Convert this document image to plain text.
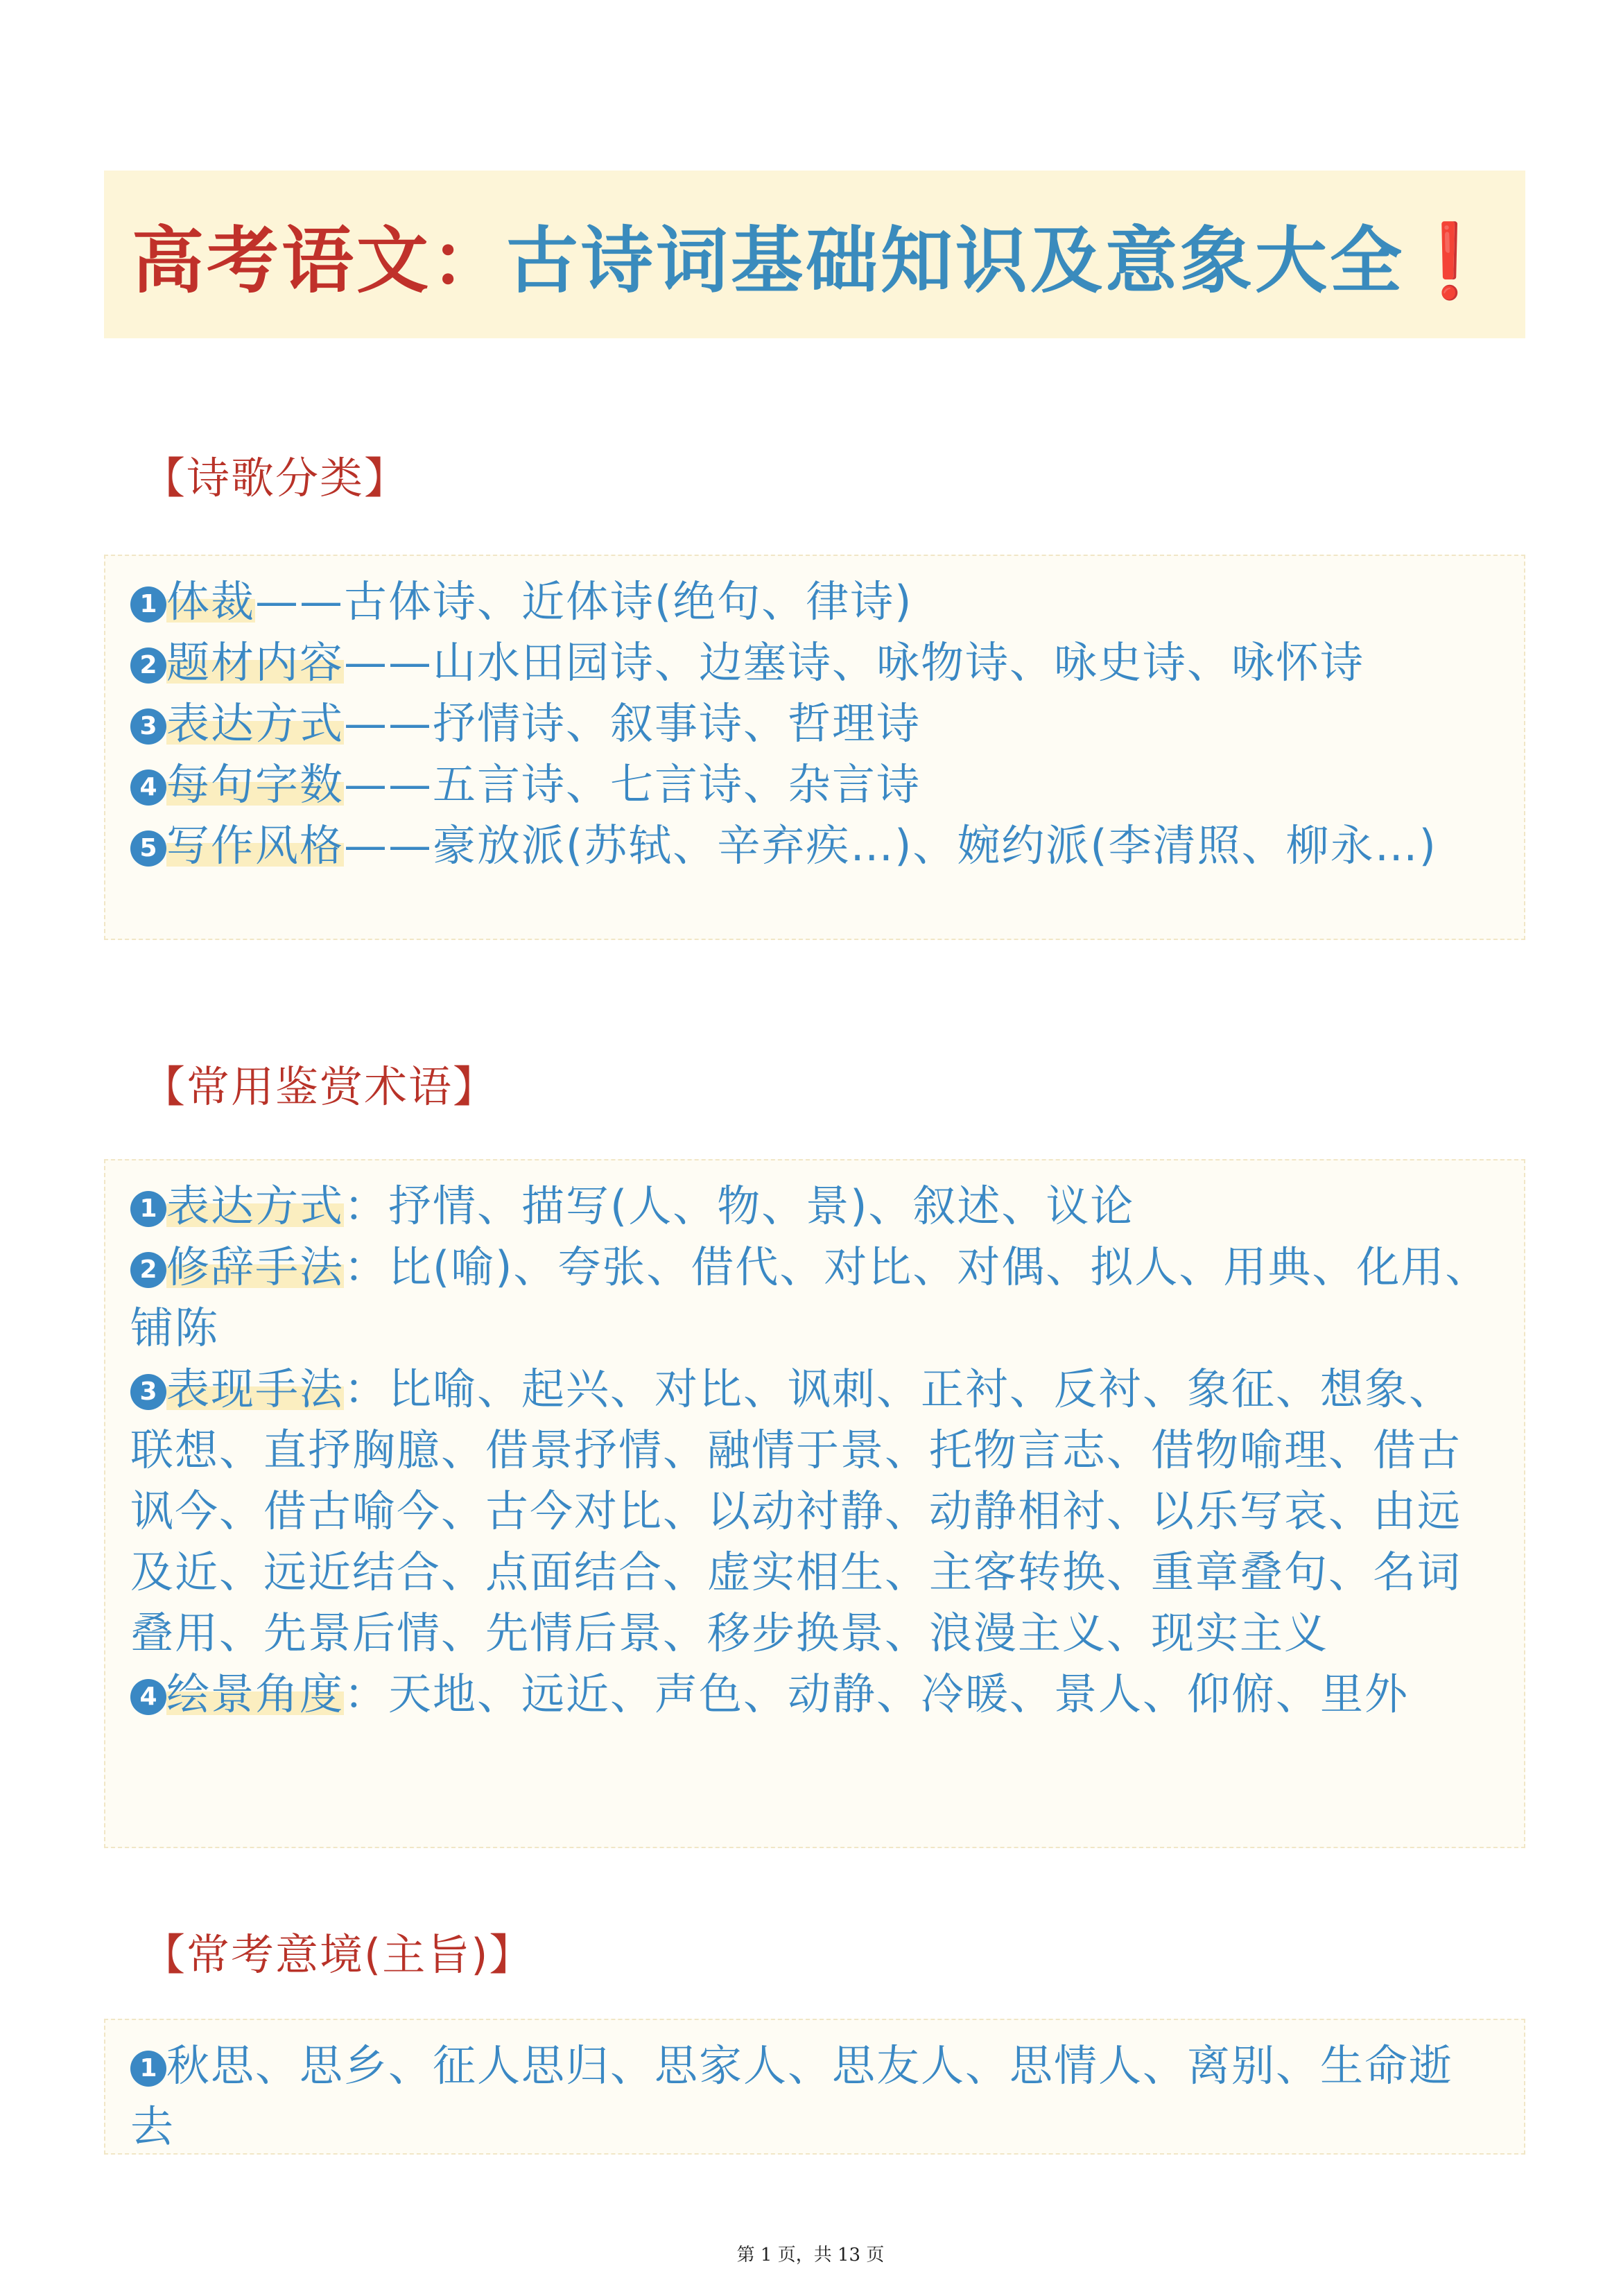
高考语文：古诗词基础知识及意象大全❗
【诗歌分类】

1 体裁——古体诗、近体诗(绝句、律诗)

2 题材内容——山水田园诗、边塞诗、咏物诗、咏史诗、咏怀诗

3 表达方式——抒情诗、叙事诗、哲理诗

4 每句字数——五言诗、七言诗、杂言诗

5 写作风格——豪放派(苏轼、辛弃疾…)、婉约派(李清照、柳永…)

【常用鉴赏术语】

1 表达方式：抒情、描写(人、物、景)、叙述、议论

2 修辞手法：比(喻)、夸张、借代、对比、对偶、拟人、用典、化用、铺陈

3 表现手法：比喻、起兴、对比、讽刺、正衬、反衬、象征、想象、联想、直抒胸臆、借景抒情、融情于景、托物言志、借物喻理、借古讽今、借古喻今、古今对比、以动衬静、动静相衬、以乐写哀、由远及近、远近结合、点面结合、虚实相生、主客转换、重章叠句、名词叠用、先景后情、先情后景、移步换景、浪漫主义、现实主义

4 绘景角度：天地、远近、声色、动静、冷暖、景人、仰俯、里外

【常考意境(主旨)】

1 秋思、思乡、征人思归、思家人、思友人、思情人、离别、生命逝去

第 1 页，共 13 页
